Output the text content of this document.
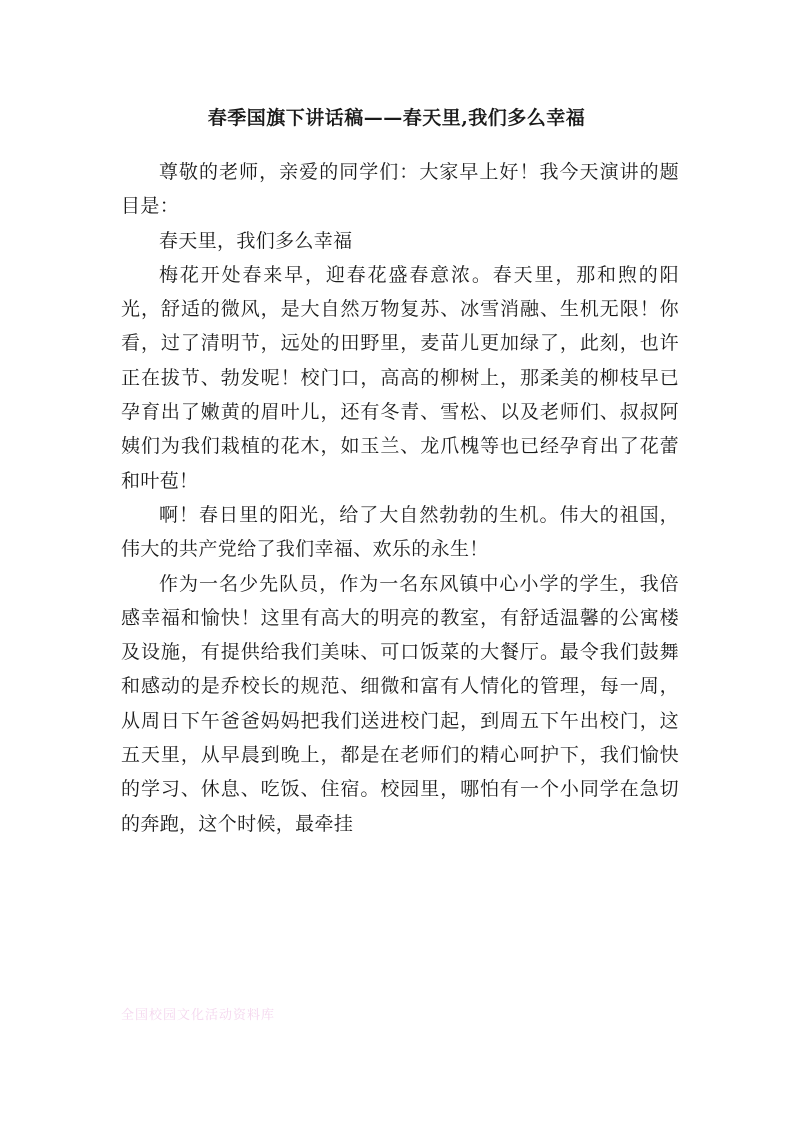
春季国旗下讲话稿——春天里,我们多么幸福

尊敬的老师，亲爱的同学们：大家早上好！我今天演讲的题目是：

春天里，我们多么幸福

梅花开处春来早，迎春花盛春意浓。春天里，那和煦的阳光，舒适的微风，是大自然万物复苏、冰雪消融、生机无限！你看，过了清明节，远处的田野里，麦苗儿更加绿了，此刻，也许正在拔节、勃发呢！校门口，高高的柳树上，那柔美的柳枝早已孕育出了嫩黄的眉叶儿，还有冬青、雪松、以及老师们、叔叔阿姨们为我们栽植的花木，如玉兰、龙爪槐等也已经孕育出了花蕾和叶苞！

啊！春日里的阳光，给了大自然勃勃的生机。伟大的祖国，伟大的共产党给了我们幸福、欢乐的永生！

作为一名少先队员，作为一名东风镇中心小学的学生，我倍感幸福和愉快！这里有高大的明亮的教室，有舒适温馨的公寓楼及设施，有提供给我们美味、可口饭菜的大餐厅。最令我们鼓舞和感动的是乔校长的规范、细微和富有人情化的管理，每一周，从周日下午爸爸妈妈把我们送进校门起，到周五下午出校门，这五天里，从早晨到晚上，都是在老师们的精心呵护下，我们愉快的学习、休息、吃饭、住宿。校园里，哪怕有一个小同学在急切的奔跑，这个时候，最牵挂

全国校园文化活动资料库
